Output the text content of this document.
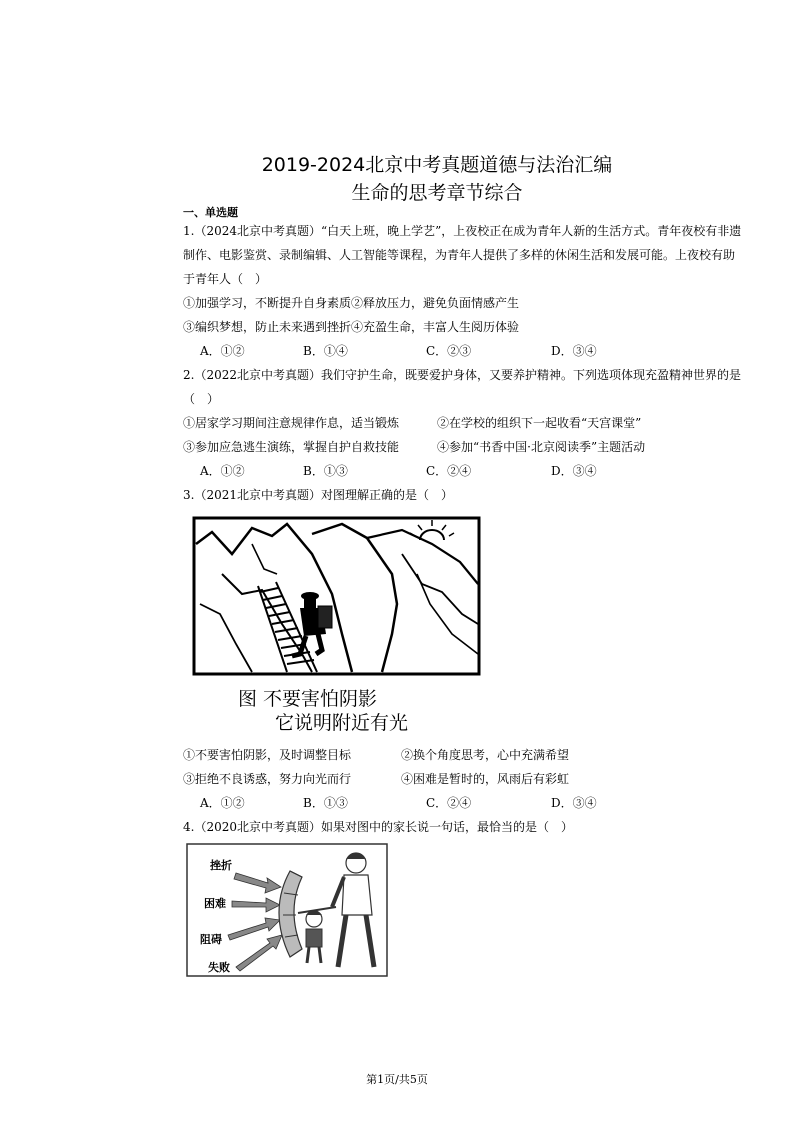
2019-2024北京中考真题道德与法治汇编
生命的思考章节综合
一、单选题
1.（2024北京中考真题）“白天上班，晚上学艺”，上夜校正在成为青年人新的生活方式。青年夜校有非遗
制作、电影鉴赏、录制编辑、人工智能等课程，为青年人提供了多样的休闲生活和发展可能。上夜校有助
于青年人（　）
①加强学习，不断提升自身素质②释放压力，避免负面情感产生
③编织梦想，防止未来遇到挫折④充盈生命，丰富人生阅历体验
A．①②	B．①④	C．②③	D．③④
2.（2022北京中考真题）我们守护生命，既要爱护身体，又要养护精神。下列选项体现充盈精神世界的是
（　）
①居家学习期间注意规律作息，适当锻炼	②在学校的组织下一起收看“天宫课堂”
③参加应急逃生演练，掌握自护自救技能	④参加“书香中国·北京阅读季”主题活动
A．①②	B．①③	C．②④	D．③④
3.（2021北京中考真题）对图理解正确的是（　）
图 不要害怕阴影
它说明附近有光
①不要害怕阴影，及时调整目标	②换个角度思考，心中充满希望
③拒绝不良诱惑，努力向光而行	④困难是暂时的，风雨后有彩虹
A．①②	B．①③	C．②④	D．③④
4.（2020北京中考真题）如果对图中的家长说一句话，最恰当的是（　）
挫折
困难
阻碍
失败
第1页/共5页
